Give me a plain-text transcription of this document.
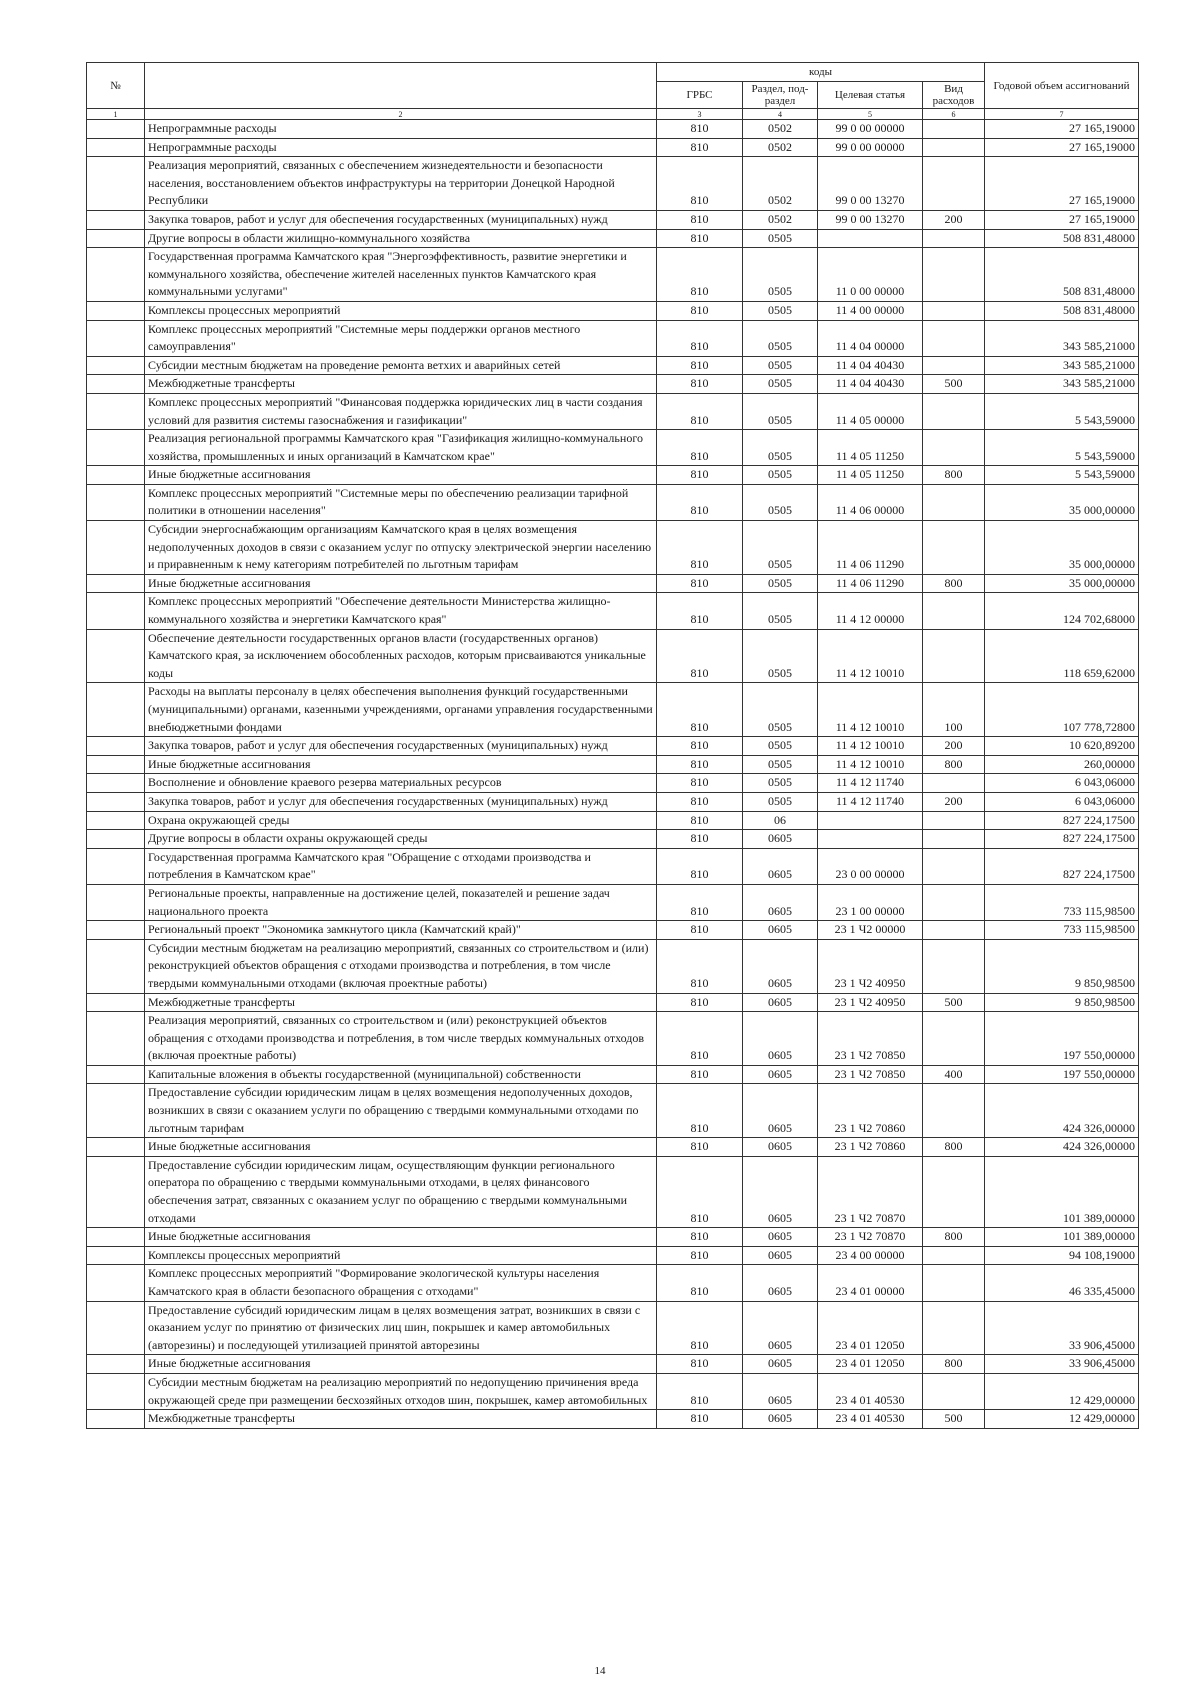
№		коды				Годовой объем ассигнований
		ГРБС	Раздел, под-раздел	Целевая статья	Вид расходов	
1	2	3	4	5	6	7
	Непрограммные расходы	810	0502	99 0 00 00000		27 165,19000
	Непрограммные расходы	810	0502	99 0 00 00000		27 165,19000
	Реализация мероприятий, связанных с обеспечением жизнедеятельности и безопасности населения, восстановлением объектов инфраструктуры на территории Донецкой Народной Республики	810	0502	99 0 00 13270		27 165,19000
	Закупка товаров, работ и услуг для обеспечения государственных (муниципальных) нужд	810	0502	99 0 00 13270	200	27 165,19000
	Другие вопросы в области жилищно-коммунального хозяйства	810	0505			508 831,48000
	Государственная программа Камчатского края "Энергоэффективность, развитие энергетики и коммунального хозяйства, обеспечение жителей населенных пунктов Камчатского края коммунальными услугами"	810	0505	11 0 00 00000		508 831,48000
	Комплексы процессных мероприятий	810	0505	11 4 00 00000		508 831,48000
	Комплекс процессных мероприятий "Системные меры поддержки органов местного самоуправления"	810	0505	11 4 04 00000		343 585,21000
	Субсидии местным бюджетам на проведение ремонта ветхих и аварийных сетей	810	0505	11 4 04 40430		343 585,21000
	Межбюджетные трансферты	810	0505	11 4 04 40430	500	343 585,21000
	Комплекс процессных мероприятий "Финансовая поддержка юридических лиц в части создания условий для развития системы газоснабжения и газификации"	810	0505	11 4 05 00000		5 543,59000
	Реализация региональной программы Камчатского края "Газификация жилищно-коммунального хозяйства, промышленных и иных организаций в Камчатском крае"	810	0505	11 4 05 11250		5 543,59000
	Иные бюджетные ассигнования	810	0505	11 4 05 11250	800	5 543,59000
	Комплекс процессных мероприятий "Системные меры по обеспечению реализации тарифной политики в отношении населения"	810	0505	11 4 06 00000		35 000,00000
	Субсидии энергоснабжающим организациям Камчатского края в целях возмещения недополученных доходов в связи с оказанием услуг по отпуску электрической энергии населению и приравненным к нему категориям потребителей по льготным тарифам	810	0505	11 4 06 11290		35 000,00000
	Иные бюджетные ассигнования	810	0505	11 4 06 11290	800	35 000,00000
	Комплекс процессных мероприятий "Обеспечение деятельности Министерства жилищно-коммунального хозяйства и энергетики Камчатского края"	810	0505	11 4 12 00000		124 702,68000
	Обеспечение деятельности государственных органов власти (государственных органов) Камчатского края, за исключением обособленных расходов, которым присваиваются уникальные коды	810	0505	11 4 12 10010		118 659,62000
	Расходы на выплаты персоналу в целях обеспечения выполнения функций государственными (муниципальными) органами, казенными учреждениями, органами управления государственными внебюджетными фондами	810	0505	11 4 12 10010	100	107 778,72800
	Закупка товаров, работ и услуг для обеспечения государственных (муниципальных) нужд	810	0505	11 4 12 10010	200	10 620,89200
	Иные бюджетные ассигнования	810	0505	11 4 12 10010	800	260,00000
	Восполнение и обновление краевого резерва материальных ресурсов	810	0505	11 4 12 11740		6 043,06000
	Закупка товаров, работ и услуг для обеспечения государственных (муниципальных) нужд	810	0505	11 4 12 11740	200	6 043,06000
	Охрана окружающей среды	810	06			827 224,17500
	Другие вопросы в области охраны окружающей среды	810	0605			827 224,17500
	Государственная программа Камчатского края "Обращение с отходами производства и потребления в Камчатском крае"	810	0605	23 0 00 00000		827 224,17500
	Региональные проекты, направленные на достижение целей, показателей и решение задач национального проекта	810	0605	23 1 00 00000		733 115,98500
	Региональный проект "Экономика замкнутого цикла (Камчатский край)"	810	0605	23 1 Ч2 00000		733 115,98500
	Субсидии местным бюджетам на реализацию мероприятий, связанных со строительством и (или) реконструкцией объектов обращения с отходами производства и потребления, в том числе твердыми коммунальными отходами (включая проектные работы)	810	0605	23 1 Ч2 40950		9 850,98500
	Межбюджетные трансферты	810	0605	23 1 Ч2 40950	500	9 850,98500
	Реализация мероприятий, связанных со строительством и (или) реконструкцией объектов обращения с отходами производства и потребления, в том числе твердых коммунальных отходов (включая проектные работы)	810	0605	23 1 Ч2 70850		197 550,00000
	Капитальные вложения в объекты государственной (муниципальной) собственности	810	0605	23 1 Ч2 70850	400	197 550,00000
	Предоставление субсидии юридическим лицам в целях возмещения недополученных доходов, возникших в связи с оказанием услуги по обращению с твердыми коммунальными отходами по льготным тарифам	810	0605	23 1 Ч2 70860		424 326,00000
	Иные бюджетные ассигнования	810	0605	23 1 Ч2 70860	800	424 326,00000
	Предоставление субсидии юридическим лицам, осуществляющим функции регионального оператора по обращению с твердыми коммунальными отходами, в целях финансового обеспечения затрат, связанных с оказанием услуг по обращению с твердыми коммунальными отходами	810	0605	23 1 Ч2 70870		101 389,00000
	Иные бюджетные ассигнования	810	0605	23 1 Ч2 70870	800	101 389,00000
	Комплексы процессных мероприятий	810	0605	23 4 00 00000		94 108,19000
	Комплекс процессных мероприятий "Формирование экологической культуры населения Камчатского края в области безопасного обращения с отходами"	810	0605	23 4 01 00000		46 335,45000
	Предоставление субсидий юридическим лицам в целях возмещения затрат, возникших в связи с оказанием услуг по принятию от физических лиц шин, покрышек и камер автомобильных (авторезины) и последующей утилизацией принятой авторезины	810	0605	23 4 01 12050		33 906,45000
	Иные бюджетные ассигнования	810	0605	23 4 01 12050	800	33 906,45000
	Субсидии местным бюджетам на реализацию мероприятий по недопущению причинения вреда окружающей среде при размещении бесхозяйных отходов шин, покрышек, камер автомобильных	810	0605	23 4 01 40530		12 429,00000
	Межбюджетные трансферты	810	0605	23 4 01 40530	500	12 429,00000
14
